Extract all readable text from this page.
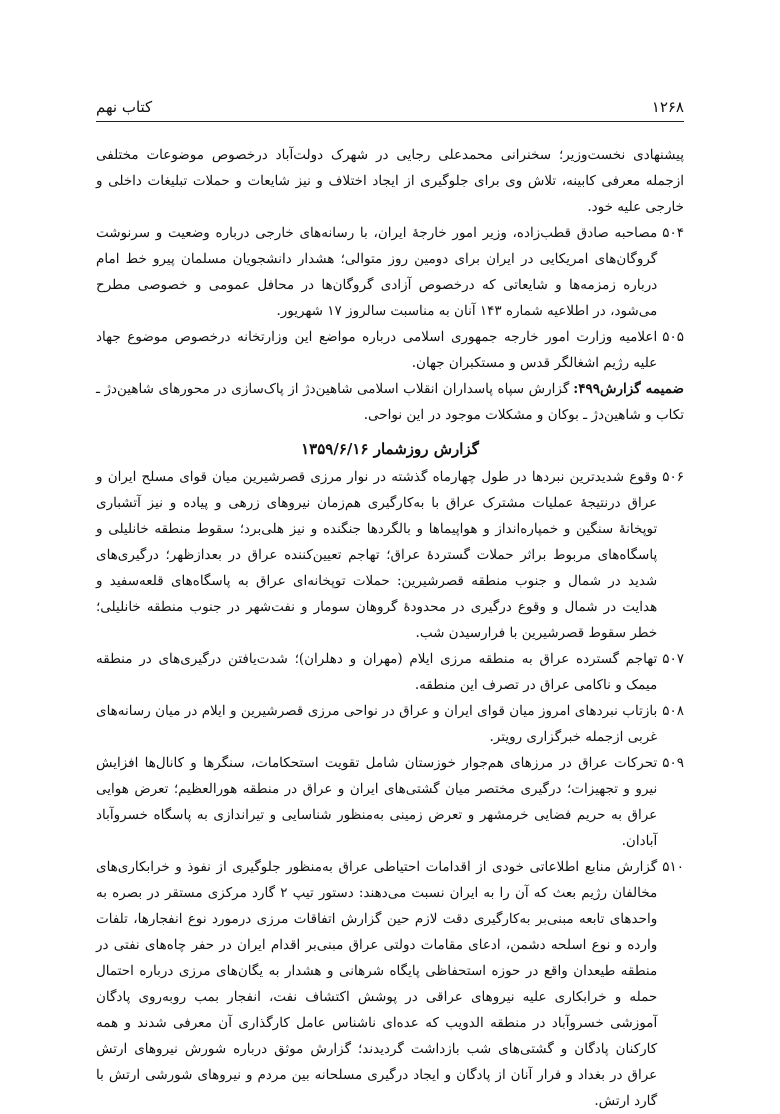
۱۲۶۸
کتاب نهم

پیشنهادی نخست‌وزیر؛ سخنرانی محمدعلی رجایی در شهرک دولت‌آباد درخصوص موضوعات مختلفی ازجمله معرفی کابینه، تلاش وی برای جلوگیری از ایجاد اختلاف و نیز شایعات و حملات تبلیغات داخلی و خارجی علیه خود.

۵۰۴
مصاحبه صادق قطب‌زاده، وزیر امور خارجهٔ ایران، با رسانه‌های خارجی درباره وضعیت و سرنوشت گروگان‌های امریکایی در ایران برای دومین روز متوالی؛ هشدار دانشجویان مسلمان پیرو خط امام درباره زمزمه‌ها و شایعاتی که درخصوص آزادی گروگان‌ها در محافل عمومی و خصوصی مطرح می‌شود، در اطلاعیه شماره ۱۴۳ آنان به مناسبت سالروز ۱۷ شهریور.
۵۰۵
اعلامیه وزارت امور خارجه جمهوری اسلامی درباره مواضع این وزارتخانه درخصوص موضوع جهاد علیه رژیم اشغالگر قدس و مستکبران جهان.

ضمیمه گزارش۴۹۹:گزارش سپاه پاسداران انقلاب اسلامی شاهین‌دژ از پاک‌سازی در محورهای شاهین‌دژ ـ تکاب و شاهین‌دژ ـ بوکان و مشکلات موجود در این نواحی.

گزارش روزشمار ۱۳۵۹/۶/۱۶
۵۰۶
وقوع شدیدترین نبردها در طول چهارماه گذشته در نوار مرزی قصرشیرین میان قوای مسلح ایران و عراق درنتیجهٔ عملیات مشترک عراق با به‌کارگیری هم‌زمان نیروهای زرهی و پیاده و نیز آتشباری توپخانهٔ سنگین و خمپاره‌انداز و هواپیماها و بالگردها جنگنده و نیز هلی‌برد؛ سقوط منطقه خانلیلی و پاسگاه‌های مربوط براثر حملات گستردهٔ عراق؛ تهاجم تعیین‌کننده عراق در بعدازظهر؛ درگیری‌های شدید در شمال و جنوب منطقه قصرشیرین: حملات توپخانه‌ای عراق به پاسگاه‌های قلعه‌سفید و هدایت در شمال و وقوع درگیری در محدودهٔ گروهان سومار و نفت‌شهر در جنوب منطقه خانلیلی؛ خطر سقوط قصرشیرین با فرارسیدن شب.
۵۰۷
تهاجم گسترده عراق به منطقه مرزی ایلام (مهران و دهلران)؛ شدت‌یافتن درگیری‌های در منطقه میمک و ناکامی عراق در تصرف این منطقه.
۵۰۸
بازتاب نبردهای امروز میان قوای ایران و عراق در نواحی مرزی قصرشیرین و ایلام در میان رسانه‌های غربی ازجمله خبرگزاری رویتر.
۵۰۹
تحرکات عراق در مرزهای هم‌جوار خوزستان شامل تقویت استحکامات، سنگرها و کانال‌ها افزایش نیرو و تجهیزات؛ درگیری مختصر میان گشتی‌های ایران و عراق در منطقه هورالعظیم؛ تعرض هوایی عراق به حریم فضایی خرمشهر و تعرض زمینی به‌منظور شناسایی و تیراندازی به پاسگاه خسروآباد آبادان.
۵۱۰
گزارش منابع اطلاعاتی خودی از اقدامات احتیاطی عراق به‌منظور جلوگیری از نفوذ و خرابکاری‌های مخالفان رژیم بعث که آن را به ایران نسبت می‌دهند: دستور تیپ ۲ گارد مرکزی مستقر در بصره به واحدهای تابعه مبنی‌بر به‌کارگیری دقت لازم حین گزارش اتفاقات مرزی درمورد نوع انفجارها، تلفات وارده و نوع اسلحه دشمن، ادعای مقامات دولتی عراق مبنی‌بر اقدام ایران در حفر چاه‌های نفتی در منطقه طیعدان واقع در حوزه استحفاظی پایگاه شرهانی و هشدار به یگان‌های مرزی درباره احتمال حمله و خرابکاری علیه نیروهای عراقی در پوشش اکتشاف نفت، انفجار بمب روبه‌روی پادگان آموزشی خسروآباد در منطقه الدویب که عده‌ای ناشناس عامل کارگذاری آن معرفی شدند و همه کارکنان پادگان و گشتی‌های شب بازداشت گردیدند؛ گزارش موثق درباره شورش نیروهای ارتش عراق در بغداد و فرار آنان از پادگان و ایجاد درگیری مسلحانه بین مردم و نیروهای شورشی ارتش با گارد ارتش.
